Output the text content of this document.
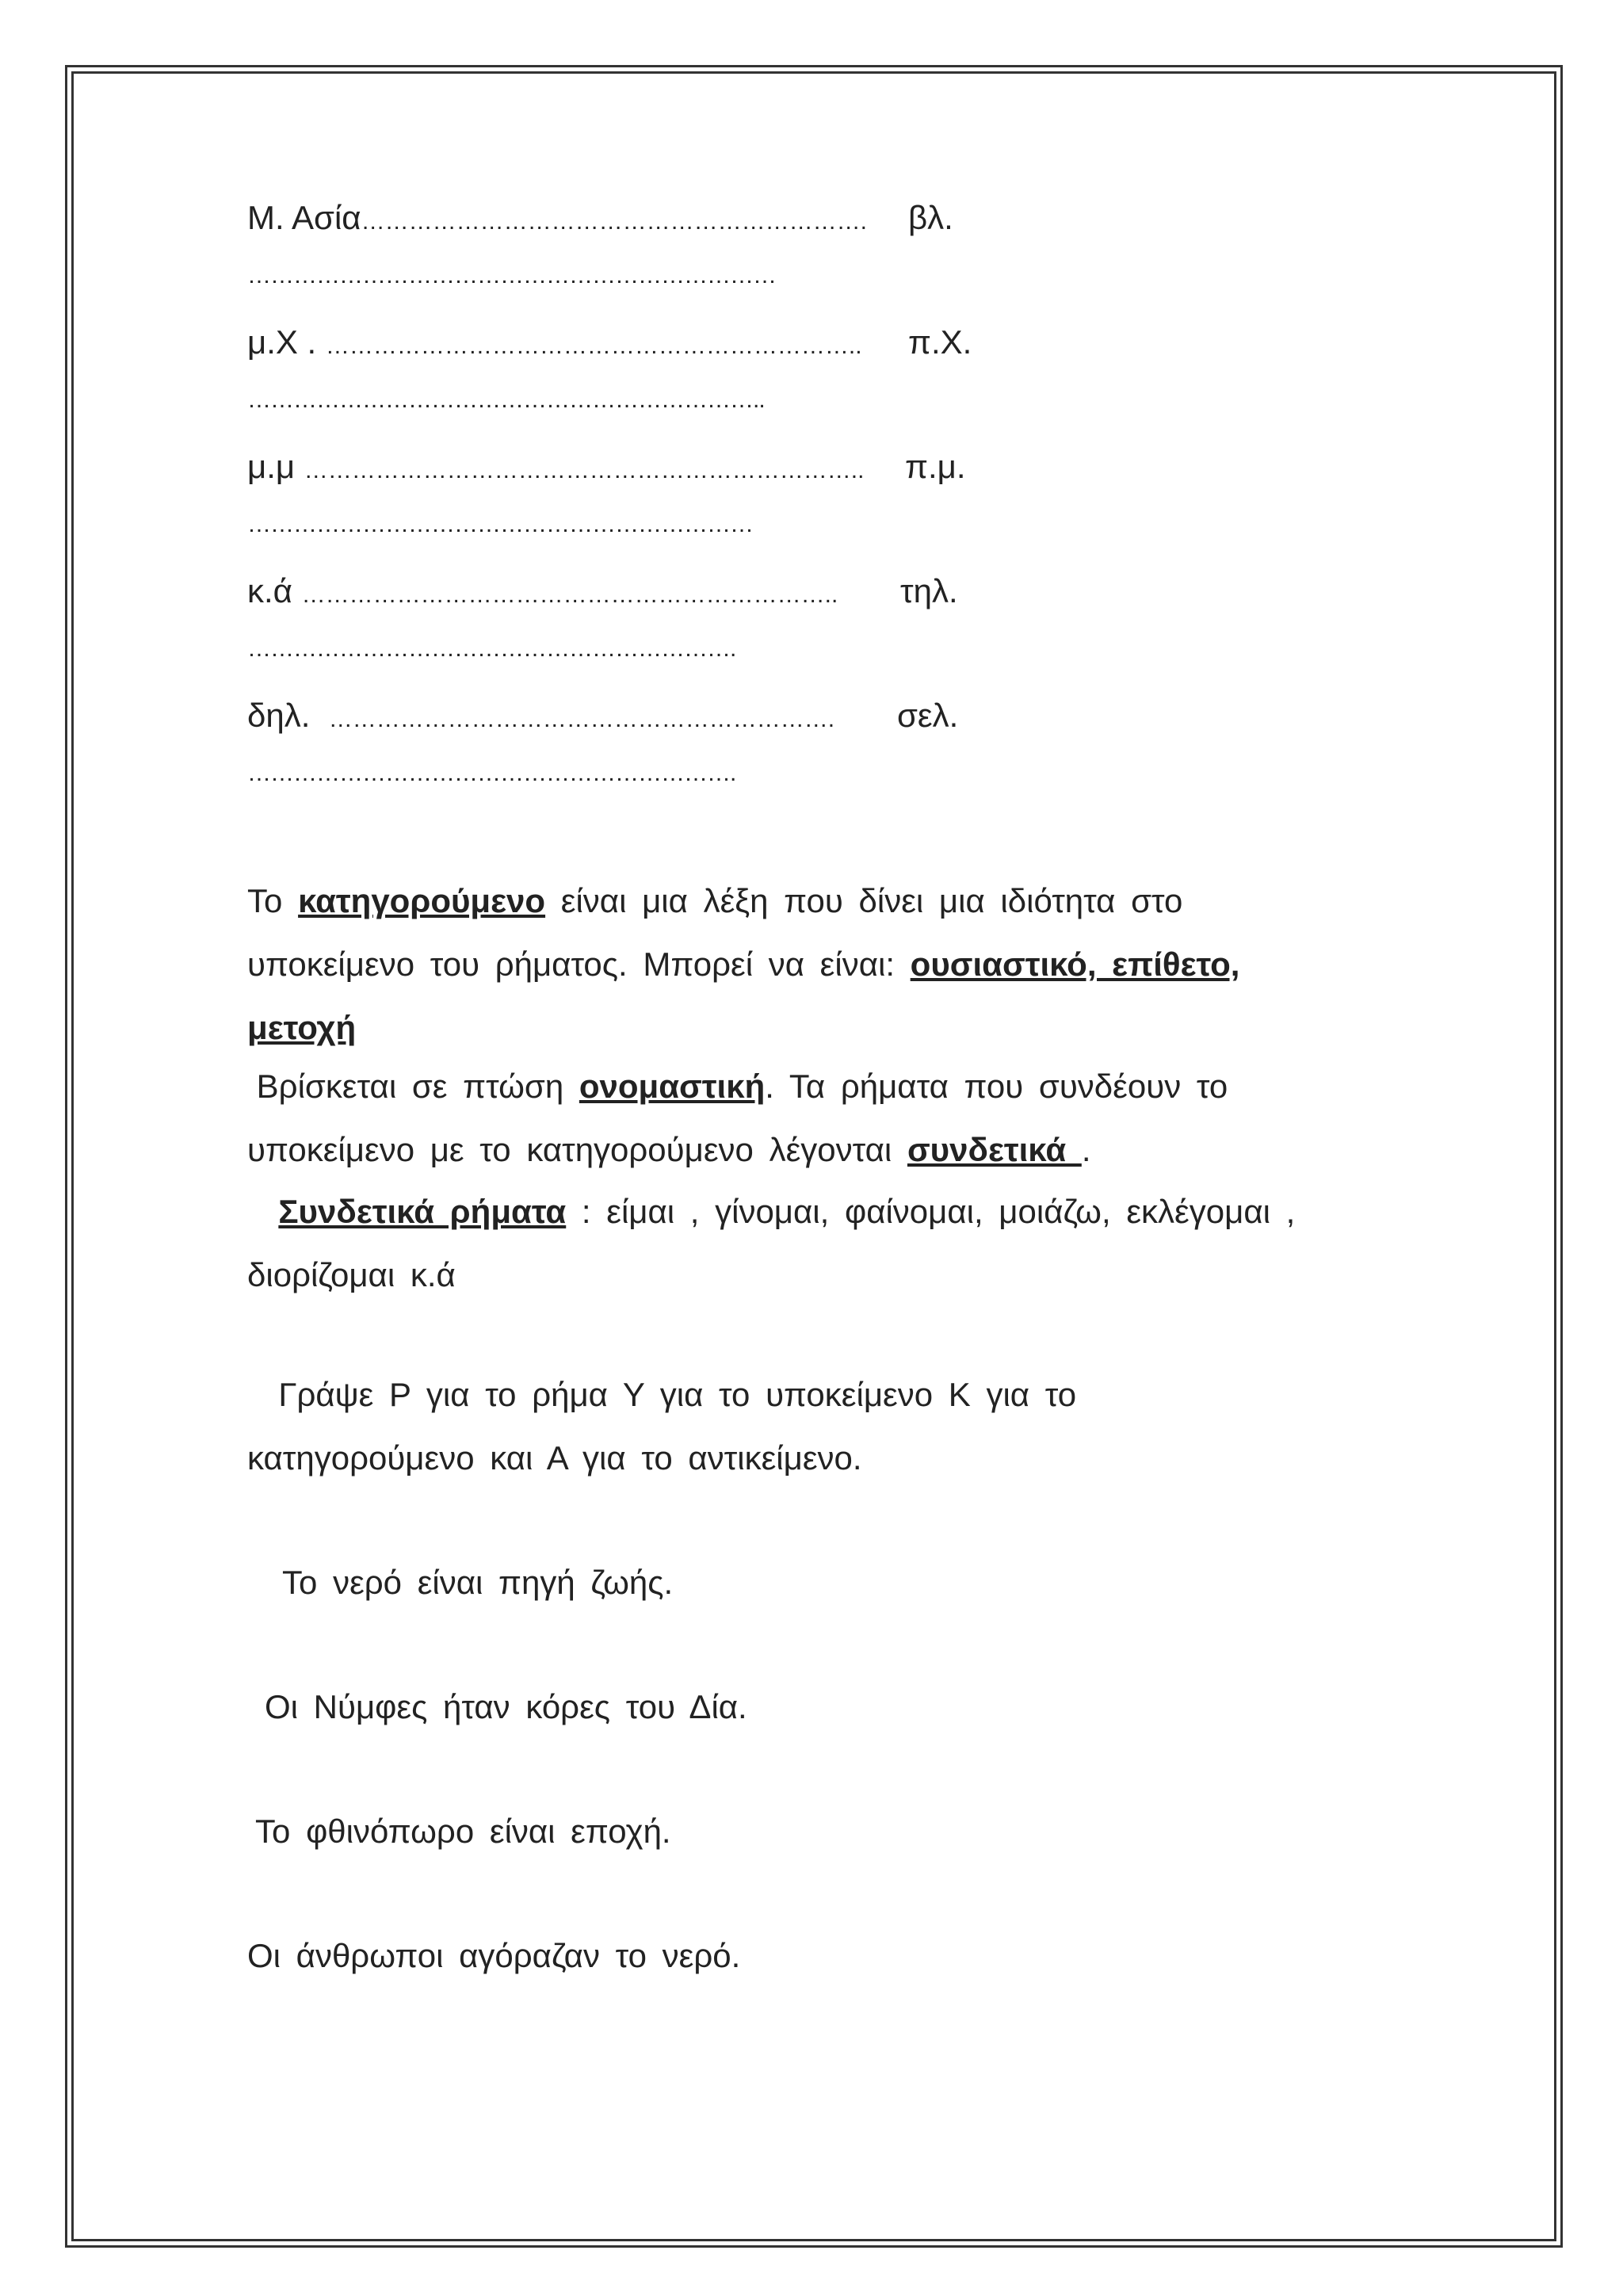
Μ. Ασία………………………………………………………. βλ.
……………………………………………………………
μ.Χ . ………………………………………………………….. π.Χ.
…………………………………………………………..
μ.μ …………………………………………………………….. π.μ.
…………………………………………………………
κ.ά ………………………………………………………….. τηλ.
……………………………………………………….
δηλ. ………………………………………………………. σελ.
……………………………………………………….
Το κατηγορούμενο είναι μια λέξη που δίνει μια ιδιότητα στο υποκείμενο του ρήματος. Μπορεί να είναι: ουσιαστικό, επίθετο, μετοχή
Βρίσκεται σε πτώση ονομαστική. Τα ρήματα που συνδέουν το υποκείμενο με το κατηγορούμενο λέγονται συνδετικά .
Συνδετικά ρήματα : είμαι , γίνομαι, φαίνομαι, μοιάζω, εκλέγομαι , διορίζομαι κ.ά
Γράψε Ρ για το ρήμα Υ για το υποκείμενο Κ για το κατηγορούμενο και Α για το αντικείμενο.
Το νερό είναι πηγή ζωής.
Οι Νύμφες ήταν κόρες του Δία.
Το φθινόπωρο είναι εποχή.
Οι άνθρωποι αγόραζαν το νερό.
